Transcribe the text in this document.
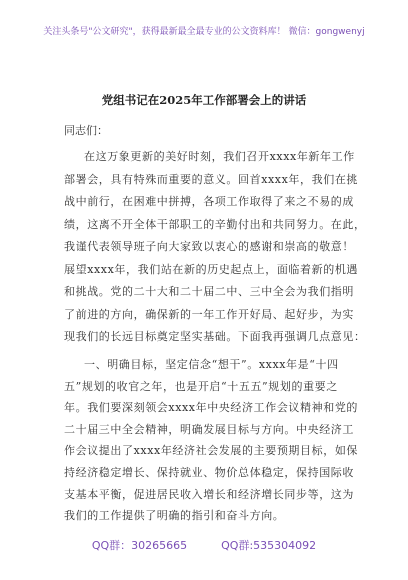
关注头条号"公文研究"，获得最新最全最专业的公文资料库！ 微信：gongwenyj
党组书记在2025年工作部署会上的讲话
同志们：
在这万象更新的美好时刻，我们召开xxxx年新年工作
部署会，具有特殊而重要的意义。回首xxxx年，我们在挑
战中前行，在困难中拼搏，各项工作取得了来之不易的成
绩，这离不开全体干部职工的辛勤付出和共同努力。在此，
我谨代表领导班子向大家致以衷心的感谢和崇高的敬意！
展望xxxx年，我们站在新的历史起点上，面临着新的机遇
和挑战。党的二十大和二十届二中、三中全会为我们指明
了前进的方向，确保新的一年工作开好局、起好步，为实
现我们的长远目标奠定坚实基础。下面我再强调几点意见：
一、明确目标，坚定信念“想干”。xxxx年是“十四
五”规划的收官之年，也是开启“十五五”规划的重要之
年。我们要深刻领会xxxx年中央经济工作会议精神和党的
二十届三中全会精神，明确发展目标与方向。中央经济工
作会议提出了xxxx年经济社会发展的主要预期目标，如保
持经济稳定增长、保持就业、物价总体稳定，保持国际收
支基本平衡，促进居民收入增长和经济增长同步等，这为
我们的工作提供了明确的指引和奋斗方向。
QQ群：30265665	QQ群:535304092
